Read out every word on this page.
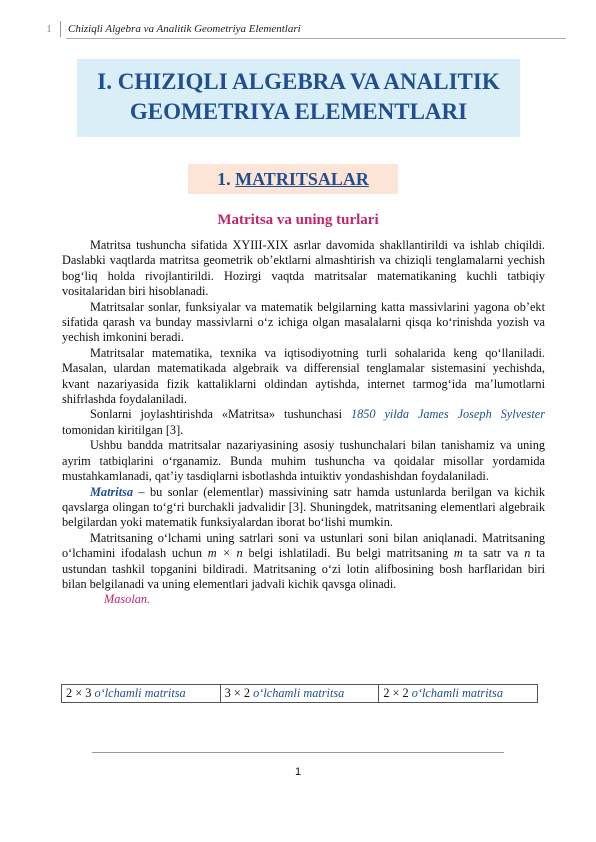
1	Chiziqli Algebra va Analitik Geometriya Elementlari
I. CHIZIQLI ALGEBRA VA ANALITIK
GEOMETRIYA ELEMENTLARI
1. MATRITSALAR
Matritsa va uning turlari

Matritsa tushuncha sifatida XYIII-XIX asrlar davomida shakllantirildi va ishlab chiqildi. Daslabki vaqtlarda matritsa geometrik ob’ektlarni almashtirish va chiziqli tenglamalarni yechish bog‘liq holda rivojlantirildi. Hozirgi vaqtda matritsalar matematikaning kuchli tatbiqiy vositalaridan biri hisoblanadi.

Matritsalar sonlar, funksiyalar va matematik belgilarning katta massivlarini yagona ob’ekt sifatida qarash va bunday massivlarni o‘z ichiga olgan masalalarni qisqa ko‘rinishda yozish va yechish imkonini beradi.

Matritsalar matematika, texnika va iqtisodiyotning turli sohalarida keng qo‘llaniladi. Masalan, ulardan matematikada algebraik va differensial tenglamalar sistemasini yechishda, kvant nazariyasida fizik kattaliklarni oldindan aytishda, internet tarmog‘ida ma’lumotlarni shifrlashda foydalaniladi.

Sonlarni joylashtirishda «Matritsa» tushunchasi 1850 yilda James Joseph Sylvester tomonidan kiritilgan [3].

Ushbu bandda matritsalar nazariyasining asosiy tushunchalari bilan tanishamiz va uning ayrim tatbiqlarini o‘rganamiz. Bunda muhim tushuncha va qoidalar misollar yordamida mustahkamlanadi, qat’iy tasdiqlarni isbotlashda intuiktiv yondashishdan foydalaniladi.

Matritsa – bu sonlar (elementlar) massivining satr hamda ustunlarda berilgan va kichik qavslarga olingan to‘g‘ri burchakli jadvalidir [3]. Shuningdek, matritsaning elementlari algebraik belgilardan yoki matematik funksiyalardan iborat bo‘lishi mumkin.

Matritsaning o‘lchami uning satrlari soni va ustunlari soni bilan aniqlanadi. Matritsaning o‘lchamini ifodalash uchun m × n belgi ishlatiladi. Bu belgi matritsaning m ta satr va n ta ustundan tashkil topganini bildiradi. Matritsaning o‘zi lotin alifbosining bosh harflaridan biri bilan belgilanadi va uning elementlari jadvali kichik qavsga olinadi.

Masolan.

2 × 3 o‘lchamli matritsa	3 × 2 o‘lchamli matritsa	2 × 2 o‘lchamli matritsa
1
